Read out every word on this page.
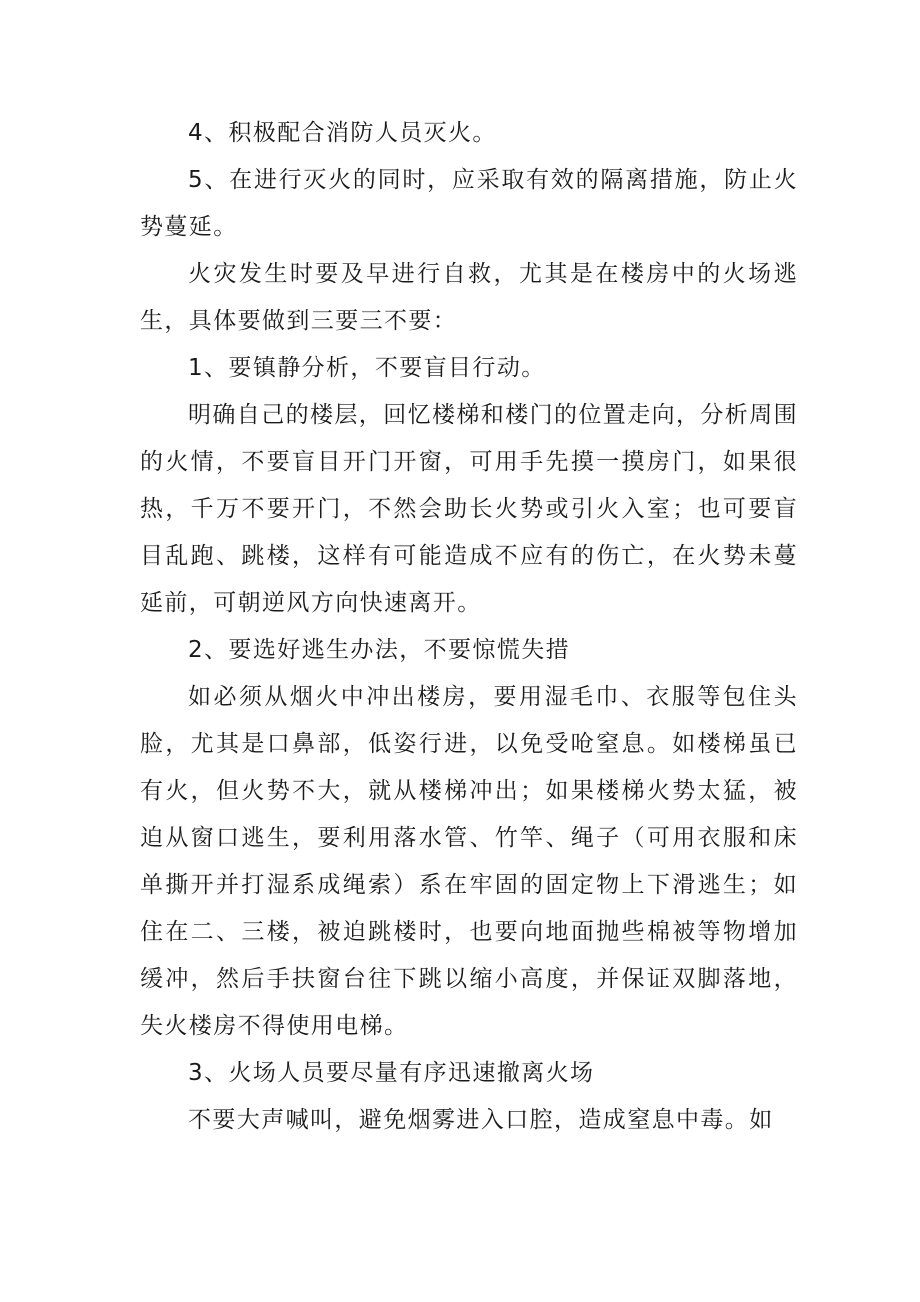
4、积极配合消防人员灭火。

5、在进行灭火的同时，应采取有效的隔离措施，防止火势蔓延。

火灾发生时要及早进行自救，尤其是在楼房中的火场逃生，具体要做到三要三不要：

1、要镇静分析，不要盲目行动。

明确自己的楼层，回忆楼梯和楼门的位置走向，分析周围的火情，不要盲目开门开窗，可用手先摸一摸房门，如果很热，千万不要开门，不然会助长火势或引火入室；也可要盲目乱跑、跳楼，这样有可能造成不应有的伤亡，在火势未蔓延前，可朝逆风方向快速离开。

2、要选好逃生办法，不要惊慌失措

如必须从烟火中冲出楼房，要用湿毛巾、衣服等包住头脸，尤其是口鼻部，低姿行进，以免受呛窒息。如楼梯虽已有火，但火势不大，就从楼梯冲出；如果楼梯火势太猛，被迫从窗口逃生，要利用落水管、竹竿、绳子（可用衣服和床单撕开并打湿系成绳索）系在牢固的固定物上下滑逃生；如住在二、三楼，被迫跳楼时，也要向地面抛些棉被等物增加缓冲，然后手扶窗台往下跳以缩小高度，并保证双脚落地，失火楼房不得使用电梯。

3、火场人员要尽量有序迅速撤离火场

不要大声喊叫，避免烟雾进入口腔，造成窒息中毒。如
